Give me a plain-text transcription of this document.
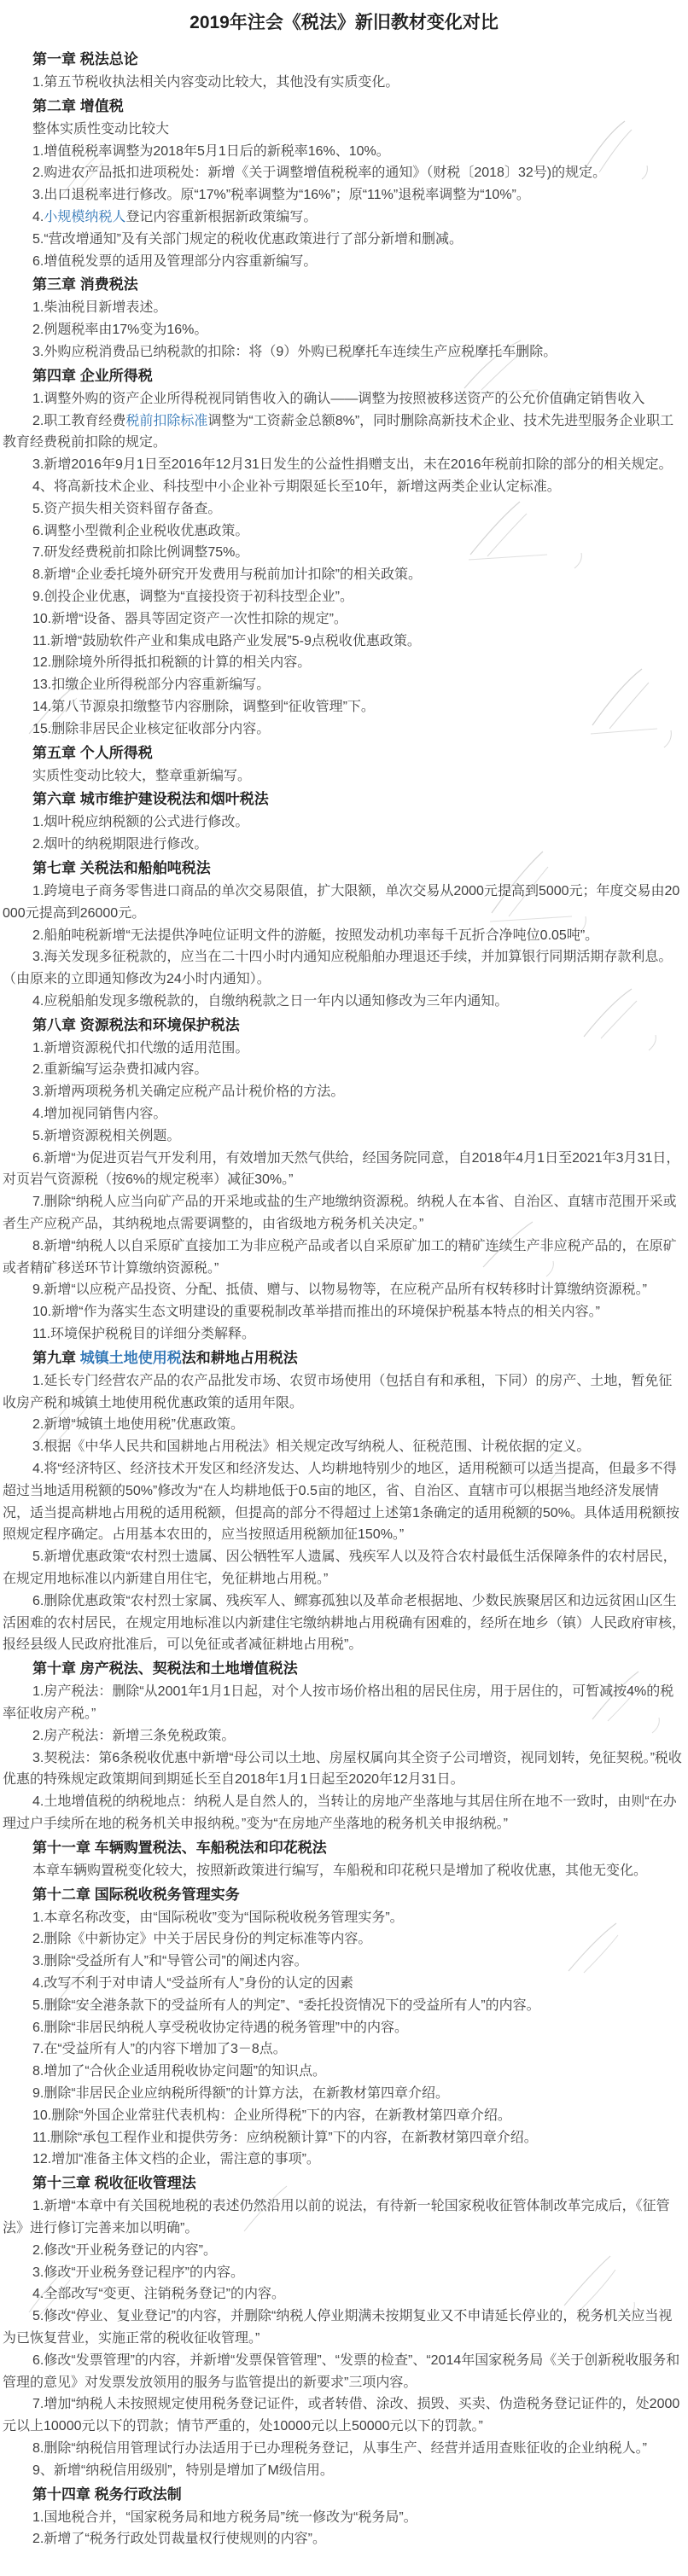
2019年注会《税法》新旧教材变化对比
第一章 税法总论
1.第五节税收执法相关内容变动比较大，其他没有实质变化。
第二章 增值税
整体实质性变动比较大
1.增值税税率调整为2018年5月1日后的新税率16%、10%。
2.购进农产品抵扣进项税处：新增《关于调整增值税税率的通知》（财税〔2018〕32号)的规定。
3.出口退税率进行修改。原“17%”税率调整为“16%”；原“11%”退税率调整为“10%”。
4.小规模纳税人登记内容重新根据新政策编写。
5.“营改增通知”及有关部门规定的税收优惠政策进行了部分新增和删减。
6.增值税发票的适用及管理部分内容重新编写。
第三章 消费税法
1.柴油税目新增表述。
2.例题税率由17%变为16%。
3.外购应税消费品已纳税款的扣除：将（9）外购已税摩托车连续生产应税摩托车删除。
第四章 企业所得税
1.调整外购的资产企业所得税视同销售收入的确认——调整为按照被移送资产的公允价值确定销售收入
2.职工教育经费税前扣除标准调整为“工资薪金总额8%”，同时删除高新技术企业、技术先进型服务企业职工教育经费税前扣除的规定。
3.新增2016年9月1日至2016年12月31日发生的公益性捐赠支出，未在2016年税前扣除的部分的相关规定。
4、将高新技术企业、科技型中小企业补亏期限延长至10年，新增这两类企业认定标准。
5.资产损失相关资料留存备查。
6.调整小型微利企业税收优惠政策。
7.研发经费税前扣除比例调整75%。
8.新增“企业委托境外研究开发费用与税前加计扣除”的相关政策。
9.创投企业优惠，调整为“直接投资于初科技型企业”。
10.新增“设备、器具等固定资产一次性扣除的规定”。
11.新增“鼓励软件产业和集成电路产业发展”5-9点税收优惠政策。
12.删除境外所得抵扣税额的计算的相关内容。
13.扣缴企业所得税部分内容重新编写。
14.第八节源泉扣缴整节内容删除，调整到“征收管理”下。
15.删除非居民企业核定征收部分内容。
第五章 个人所得税
实质性变动比较大，整章重新编写。
第六章 城市维护建设税法和烟叶税法
1.烟叶税应纳税额的公式进行修改。
2.烟叶的纳税期限进行修改。
第七章 关税法和船舶吨税法
1.跨境电子商务零售进口商品的单次交易限值，扩大限额，单次交易从2000元提高到5000元；年度交易由20000元提高到26000元。
2.船舶吨税新增“无法提供净吨位证明文件的游艇，按照发动机功率每千瓦折合净吨位0.05吨”。
3.海关发现多征税款的，应当在二十四小时内通知应税船舶办理退还手续，并加算银行同期活期存款利息。（由原来的立即通知修改为24小时内通知）。
4.应税船舶发现多缴税款的，自缴纳税款之日一年内以通知修改为三年内通知。
第八章 资源税法和环境保护税法
1.新增资源税代扣代缴的适用范围。
2.重新编写运杂费扣减内容。
3.新增两项税务机关确定应税产品计税价格的方法。
4.增加视同销售内容。
5.新增资源税相关例题。
6.新增“为促进页岩气开发利用，有效增加天然气供给，经国务院同意，自2018年4月1日至2021年3月31日，对页岩气资源税（按6%的规定税率）减征30%。”
7.删除“纳税人应当向矿产品的开采地或盐的生产地缴纳资源税。纳税人在本省、自治区、直辖市范围开采或者生产应税产品，其纳税地点需要调整的，由省级地方税务机关决定。”
8.新增“纳税人以自采原矿直接加工为非应税产品或者以自采原矿加工的精矿连续生产非应税产品的，在原矿或者精矿移送环节计算缴纳资源税。”
9.新增“以应税产品投资、分配、抵债、赠与、以物易物等，在应税产品所有权转移时计算缴纳资源税。”
10.新增“作为落实生态文明建设的重要税制改革举措而推出的环境保护税基本特点的相关内容。”
11.环境保护税税目的详细分类解释。
第九章 城镇土地使用税法和耕地占用税法
1.延长专门经营农产品的农产品批发市场、农贸市场使用（包括自有和承租，下同）的房产、土地，暂免征收房产税和城镇土地使用税优惠政策的适用年限。
2.新增“城镇土地使用税”优惠政策。
3.根据《中华人民共和国耕地占用税法》相关规定改写纳税人、征税范围、计税依据的定义。
4.将“经济特区、经济技术开发区和经济发达、人均耕地特别少的地区，适用税额可以适当提高，但最多不得超过当地适用税额的50%”修改为“在人均耕地低于0.5亩的地区，省、自治区、直辖市可以根据当地经济发展情况，适当提高耕地占用税的适用税额，但提高的部分不得超过上述第1条确定的适用税额的50%。具体适用税额按照规定程序确定。占用基本农田的，应当按照适用税额加征150%。”
5.新增优惠政策“农村烈士遗属、因公牺牲军人遗属、残疾军人以及符合农村最低生活保障条件的农村居民，在规定用地标准以内新建自用住宅，免征耕地占用税。”
6.删除优惠政策“农村烈士家属、残疾军人、鳏寡孤独以及革命老根据地、少数民族聚居区和边远贫困山区生活困难的农村居民，在规定用地标准以内新建住宅缴纳耕地占用税确有困难的，经所在地乡（镇）人民政府审核，报经县级人民政府批准后，可以免征或者减征耕地占用税”。
第十章 房产税法、契税法和土地增值税法
1.房产税法：删除“从2001年1月1日起，对个人按市场价格出租的居民住房，用于居住的，可暂减按4%的税率征收房产税。”
2.房产税法：新增三条免税政策。
3.契税法：第6条税收优惠中新增“母公司以土地、房屋权属向其全资子公司增资，视同划转，免征契税。”税收优惠的特殊规定政策期间到期延长至自2018年1月1日起至2020年12月31日。
4.土地增值税的纳税地点：纳税人是自然人的，当转让的房地产坐落地与其居住所在地不一致时，由则“在办理过户手续所在地的税务机关申报纳税。”变为“在房地产坐落地的税务机关申报纳税。”
第十一章 车辆购置税法、车船税法和印花税法
本章车辆购置税变化较大，按照新政策进行编写，车船税和印花税只是增加了税收优惠，其他无变化。
第十二章 国际税收税务管理实务
1.本章名称改变，由“国际税收”变为“国际税收税务管理实务”。
2.删除《中新协定》中关于居民身份的判定标准等内容。
3.删除“受益所有人”和“导管公司”的阐述内容。
4.改写不利于对申请人“受益所有人”身份的认定的因素
5.删除“安全港条款下的受益所有人的判定”、“委托投资情况下的受益所有人”的内容。
6.删除“非居民纳税人享受税收协定待遇的税务管理”中的内容。
7.在“受益所有人”的内容下增加了3－8点。
8.增加了“合伙企业适用税收协定问题”的知识点。
9.删除“非居民企业应纳税所得额”的计算方法，在新教材第四章介绍。
10.删除“外国企业常驻代表机构：企业所得税”下的内容，在新教材第四章介绍。
11.删除“承包工程作业和提供劳务：应纳税额计算”下的内容，在新教材第四章介绍。
12.增加“准备主体文档的企业，需注意的事项”。
第十三章 税收征收管理法
1.新增“本章中有关国税地税的表述仍然沿用以前的说法，有待新一轮国家税收征管体制改革完成后，《征管法》进行修订完善来加以明确”。
2.修改“开业税务登记的内容”。
3.修改“开业税务登记程序”的内容。
4.全部改写“变更、注销税务登记”的内容。
5.修改“停业、复业登记”的内容，并删除“纳税人停业期满未按期复业又不申请延长停业的，税务机关应当视为已恢复营业，实施正常的税收征收管理。”
6.修改“发票管理”的内容，并新增“发票保管管理”、“发票的检查”、“2014年国家税务局《关于创新税收服务和管理的意见》对发票发放领用的服务与监管提出的新要求”三项内容。
7.增加“纳税人未按照规定使用税务登记证件，或者转借、涂改、损毁、买卖、伪造税务登记证件的，处2000元以上10000元以下的罚款；情节严重的，处10000元以上50000元以下的罚款。”
8.删除“纳税信用管理试行办法适用于已办理税务登记，从事生产、经营并适用查账征收的企业纳税人。”
9、新增“纳税信用级别”，特别是增加了M级信用。
第十四章 税务行政法制
1.国地税合并，“国家税务局和地方税务局”统一修改为“税务局”。
2.新增了“税务行政处罚裁量权行使规则的内容”。
